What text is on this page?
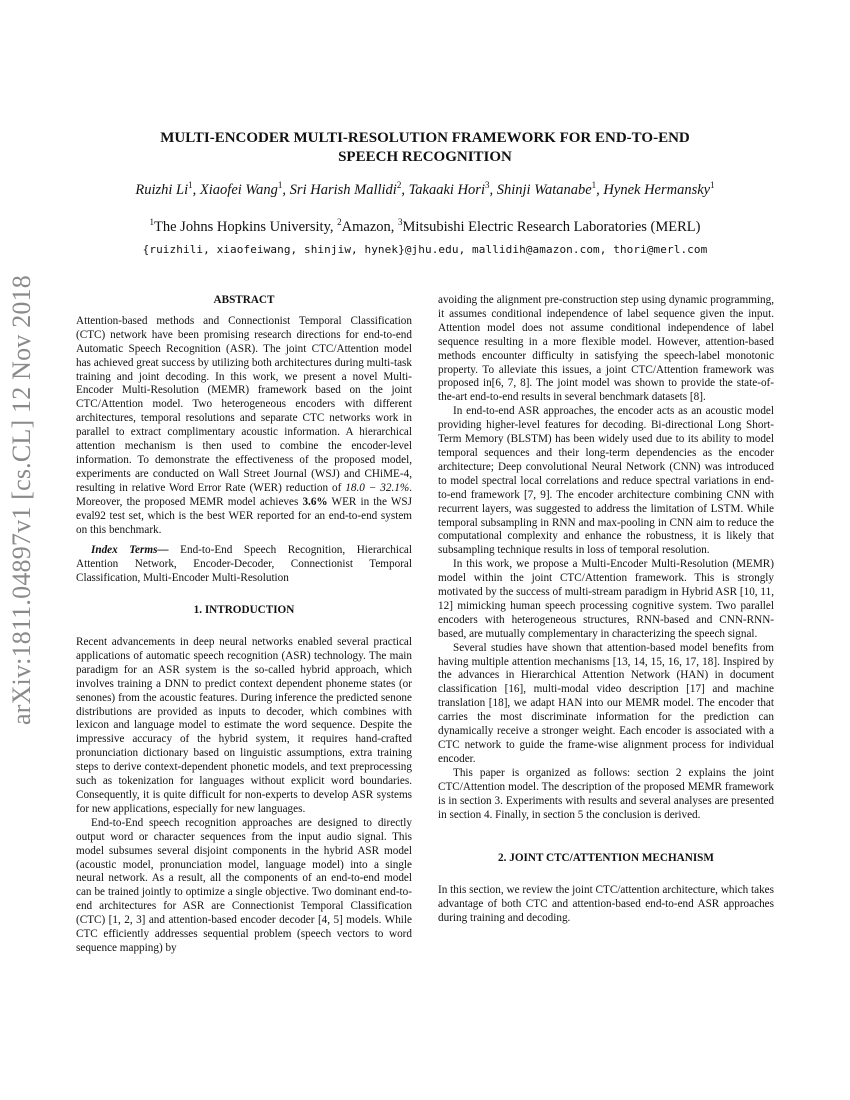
arXiv:1811.04897v1 [cs.CL] 12 Nov 2018
MULTI-ENCODER MULTI-RESOLUTION FRAMEWORK FOR END-TO-END
SPEECH RECOGNITION
Ruizhi Li$^1$, Xiaofei Wang$^1$, Sri Harish Mallidi$^2$, Takaaki Hori$^3$, Shinji Watanabe$^1$, Hynek Hermansky$^1$
$^1$The Johns Hopkins University, $^2$Amazon, $^3$Mitsubishi Electric Research Laboratories (MERL)
{ruizhili, xiaofeiwang, shinjiw, hynek}@jhu.edu, mallidih@amazon.com, thori@merl.com
ABSTRACT

Attention-based methods and Connectionist Temporal Classification (CTC) network have been promising research directions for end-to-end Automatic Speech Recognition (ASR). The joint CTC/Attention model has achieved great success by utilizing both architectures during multi-task training and joint decoding. In this work, we present a novel Multi-Encoder Multi-Resolution (MEMR) framework based on the joint CTC/Attention model. Two heterogeneous encoders with different architectures, temporal resolutions and separate CTC networks work in parallel to extract complimentary acoustic information. A hierarchical attention mechanism is then used to combine the encoder-level information. To demonstrate the effectiveness of the proposed model, experiments are conducted on Wall Street Journal (WSJ) and CHiME-4, resulting in relative Word Error Rate (WER) reduction of 18.0 − 32.1%. Moreover, the proposed MEMR model achieves 3.6% WER in the WSJ eval92 test set, which is the best WER reported for an end-to-end system on this benchmark.

Index Terms— End-to-End Speech Recognition, Hierarchical Attention Network, Encoder-Decoder, Connectionist Temporal Classification, Multi-Encoder Multi-Resolution

1. INTRODUCTION

Recent advancements in deep neural networks enabled several practical applications of automatic speech recognition (ASR) technology. The main paradigm for an ASR system is the so-called hybrid approach, which involves training a DNN to predict context dependent phoneme states (or senones) from the acoustic features. During inference the predicted senone distributions are provided as inputs to decoder, which combines with lexicon and language model to estimate the word sequence. Despite the impressive accuracy of the hybrid system, it requires hand-crafted pronunciation dictionary based on linguistic assumptions, extra training steps to derive context-dependent phonetic models, and text preprocessing such as tokenization for languages without explicit word boundaries. Consequently, it is quite difficult for non-experts to develop ASR systems for new applications, especially for new languages.

End-to-End speech recognition approaches are designed to directly output word or character sequences from the input audio signal. This model subsumes several disjoint components in the hybrid ASR model (acoustic model, pronunciation model, language model) into a single neural network. As a result, all the components of an end-to-end model can be trained jointly to optimize a single objective. Two dominant end-to-end architectures for ASR are Connectionist Temporal Classification (CTC) [1, 2, 3] and attention-based encoder decoder [4, 5] models. While CTC efficiently addresses sequential problem (speech vectors to word sequence mapping) by

avoiding the alignment pre-construction step using dynamic programming, it assumes conditional independence of label sequence given the input. Attention model does not assume conditional independence of label sequence resulting in a more flexible model. However, attention-based methods encounter difficulty in satisfying the speech-label monotonic property. To alleviate this issues, a joint CTC/Attention framework was proposed in[6, 7, 8]. The joint model was shown to provide the state-of-the-art end-to-end results in several benchmark datasets [8].

In end-to-end ASR approaches, the encoder acts as an acoustic model providing higher-level features for decoding. Bi-directional Long Short-Term Memory (BLSTM) has been widely used due to its ability to model temporal sequences and their long-term dependencies as the encoder architecture; Deep convolutional Neural Network (CNN) was introduced to model spectral local correlations and reduce spectral variations in end-to-end framework [7, 9]. The encoder architecture combining CNN with recurrent layers, was suggested to address the limitation of LSTM. While temporal subsampling in RNN and max-pooling in CNN aim to reduce the computational complexity and enhance the robustness, it is likely that subsampling technique results in loss of temporal resolution.

In this work, we propose a Multi-Encoder Multi-Resolution (MEMR) model within the joint CTC/Attention framework. This is strongly motivated by the success of multi-stream paradigm in Hybrid ASR [10, 11, 12] mimicking human speech processing cognitive system. Two parallel encoders with heterogeneous structures, RNN-based and CNN-RNN-based, are mutually complementary in characterizing the speech signal.

Several studies have shown that attention-based model benefits from having multiple attention mechanisms [13, 14, 15, 16, 17, 18]. Inspired by the advances in Hierarchical Attention Network (HAN) in document classification [16], multi-modal video description [17] and machine translation [18], we adapt HAN into our MEMR model. The encoder that carries the most discriminate information for the prediction can dynamically receive a stronger weight. Each encoder is associated with a CTC network to guide the frame-wise alignment process for individual encoder.

This paper is organized as follows: section 2 explains the joint CTC/Attention model. The description of the proposed MEMR framework is in section 3. Experiments with results and several analyses are presented in section 4. Finally, in section 5 the conclusion is derived.

2. JOINT CTC/ATTENTION MECHANISM

In this section, we review the joint CTC/attention architecture, which takes advantage of both CTC and attention-based end-to-end ASR approaches during training and decoding.
